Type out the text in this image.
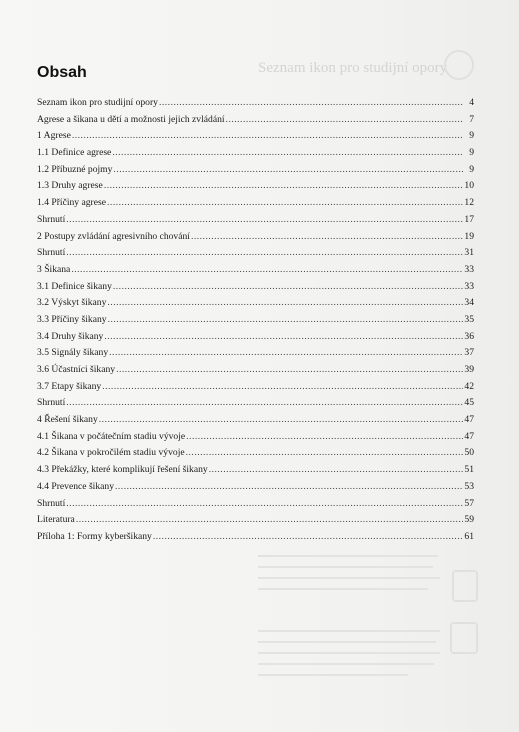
Seznam ikon pro studijní opory
Obsah
Seznam ikon pro studijní opory .....	4
Agrese a šikana u dětí a možnosti jejich zvládání .....	7
1 Agrese .....	9
1.1 Definice agrese .....	9
1.2 Příbuzné pojmy .....	9
1.3 Druhy agrese .....	10
1.4 Příčiny agrese .....	12
Shrnutí .....	17
2 Postupy zvládání agresivního chování .....	19
Shrnutí .....	31
3 Šikana .....	33
3.1 Definice šikany .....	33
3.2 Výskyt šikany .....	34
3.3 Příčiny šikany .....	35
3.4 Druhy šikany .....	36
3.5 Signály šikany .....	37
3.6 Účastníci šikany .....	39
3.7 Etapy šikany .....	42
Shrnutí .....	45
4 Řešení šikany .....	47
4.1 Šikana v počátečním stadiu vývoje .....	47
4.2 Šikana v pokročilém stadiu vývoje .....	50
4.3 Překážky, které komplikují řešení šikany .....	51
4.4 Prevence šikany .....	53
Shrnutí .....	57
Literatura .....	59
Příloha 1: Formy kyberšikany .....	61
